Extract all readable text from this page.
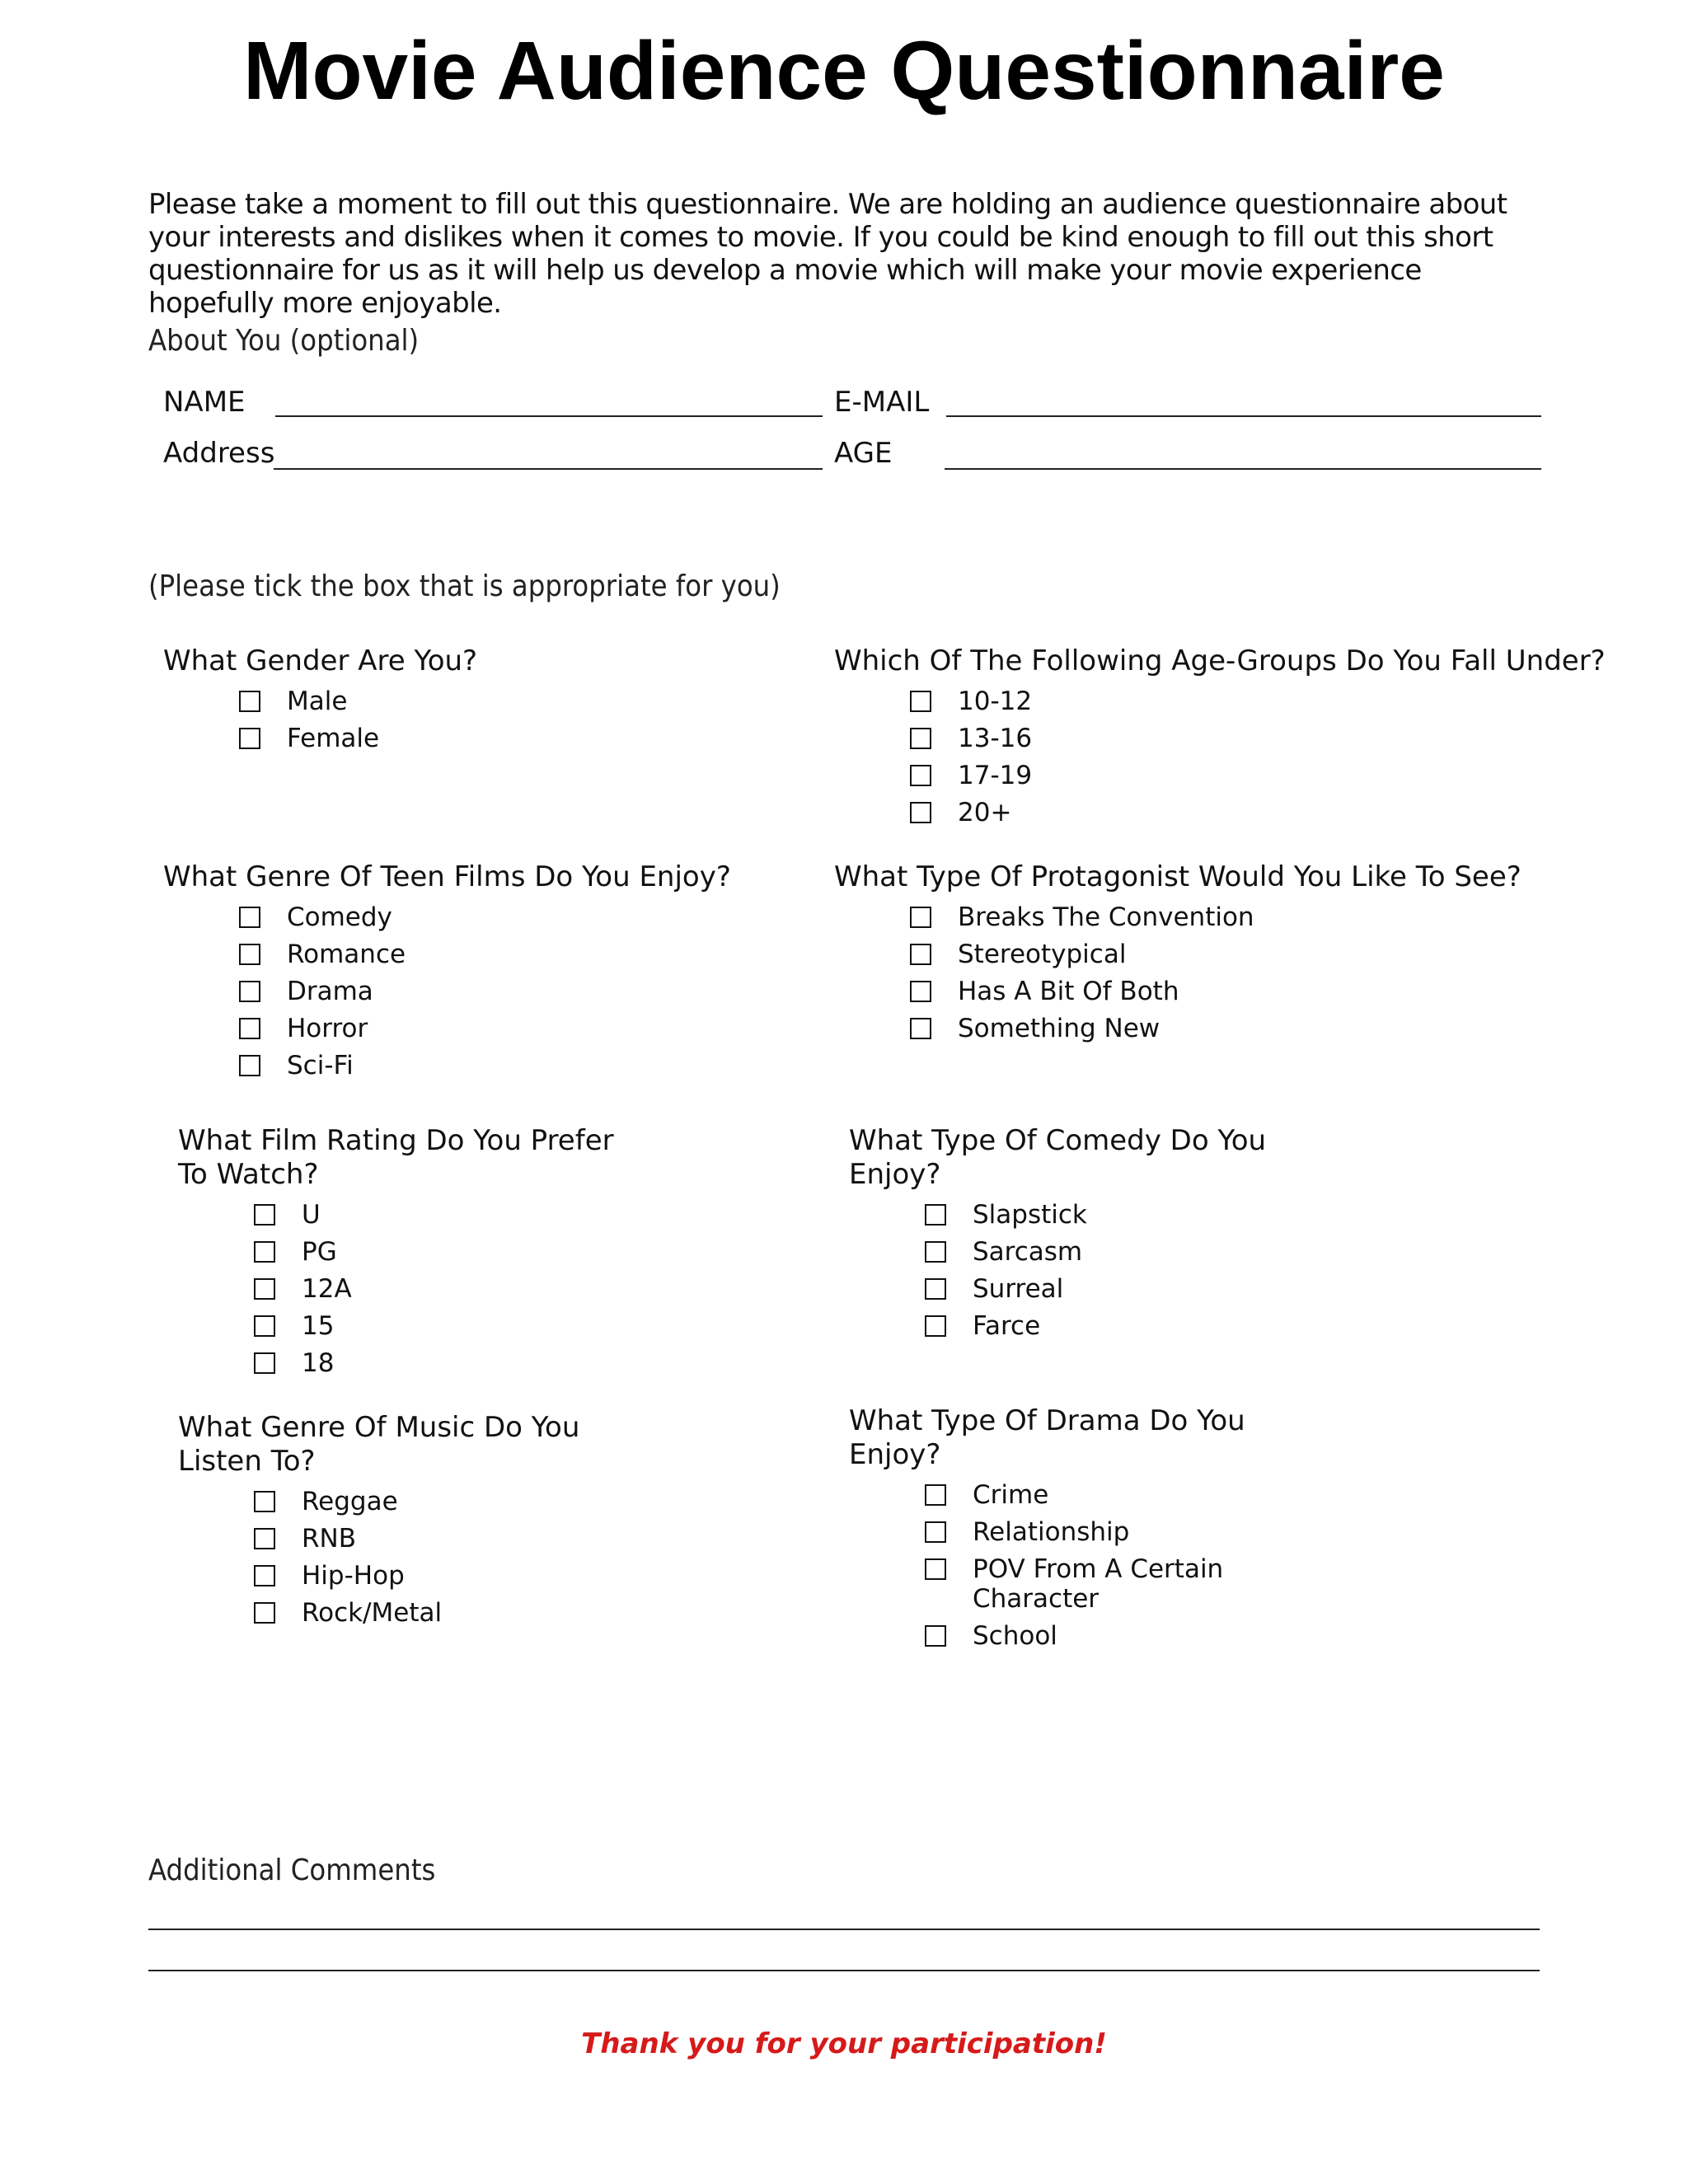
Movie Audience Questionnaire
Please take a moment to fill out this questionnaire. We are holding an audience questionnaire about your interests and dislikes when it comes to movie. If you could be kind enough to fill out this short questionnaire for us as it will help us develop a movie which will make your movie experience hopefully more enjoyable.
About You (optional)
NAME	E-MAIL
Address	AGE
(Please tick the box that is appropriate for you)
What Gender Are You?
Male
Female
Which Of The Following Age-Groups Do You Fall Under?
10-12
13-16
17-19
20+
What Genre Of Teen Films Do You Enjoy?
Comedy
Romance
Drama
Horror
Sci-Fi
What Type Of Protagonist Would You Like To See?
Breaks The Convention
Stereotypical
Has A Bit Of Both
Something New
What Film Rating Do You Prefer
To Watch?
U
PG
12A
15
18
What Type Of Comedy Do You
Enjoy?
Slapstick
Sarcasm
Surreal
Farce
What Genre Of Music Do You
Listen To?
Reggae
RNB
Hip-Hop
Rock/Metal
What Type Of Drama Do You
Enjoy?
Crime
Relationship
POV From A Certain
Character
School
Additional Comments
Thank you for your participation!
